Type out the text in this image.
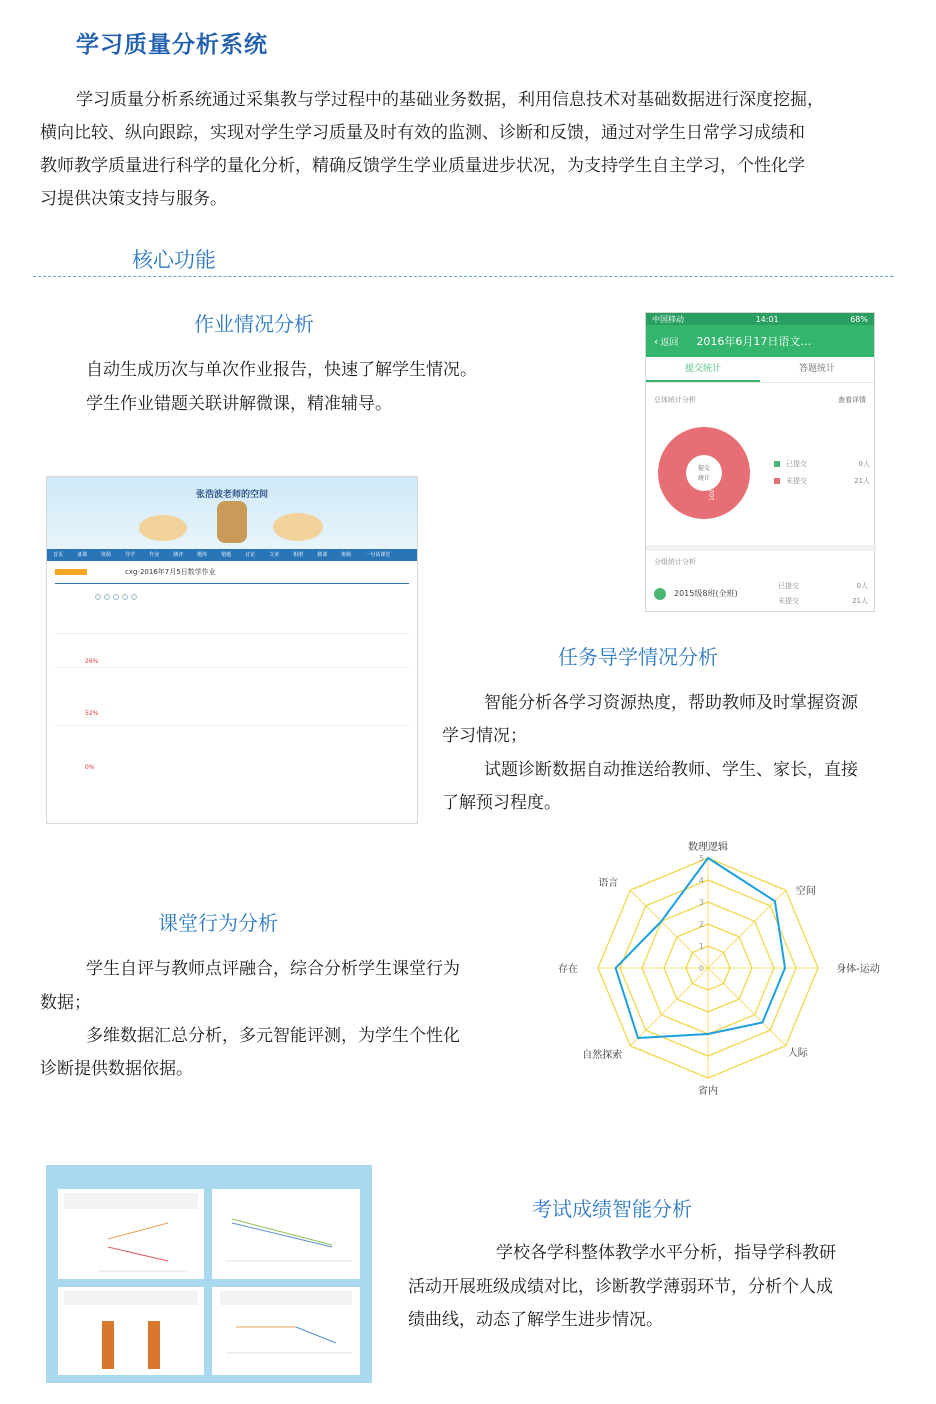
学习质量分析系统
学习质量分析系统通过采集教与学过程中的基础业务数据，利用信息技术对基础数据进行深度挖掘，
横向比较、纵向跟踪，实现对学生学习质量及时有效的监测、诊断和反馈，通过对学生日常学习成绩和
教师教学质量进行科学的量化分析，精确反馈学生学业质量进步状况，为支持学生自主学习，个性化学
习提供决策支持与服务。
核心功能
作业情况分析
自动生成历次与单次作业报告，快速了解学生情况。
学生作业错题关联讲解微课，精准辅导。
中国移动	14:01	68%
‹ 返回 2016年6月17日语文…
提交统计	答题统计
总体统计分析	查看详情
提交
统计
100%
已提交	0人
未提交	21人
分组统计分析
2015级8班(全班)
已提交	0人
未提交	21人
张浩波老师的空间
首页	备课	资源	导学	作业	测评	题库	错题	讨论	文章	相册	微课	班级	一句话课堂
cxg-2016年7月5日数学作业
26%
52%
0%
任务导学情况分析
智能分析各学习资源热度，帮助教师及时掌握资源
学习情况；
试题诊断数据自动推送给教师、学生、家长，直接
了解预习程度。
0
1
2
3
4
5
数理逻辑
空间
身体-运动
人际
省内
自然探索
存在
语言
课堂行为分析
学生自评与教师点评融合，综合分析学生课堂行为
数据；
多维数据汇总分析，多元智能评测，为学生个性化
诊断提供数据依据。
考试成绩智能分析
学校各学科整体教学水平分析，指导学科教研
活动开展班级成绩对比，诊断教学薄弱环节，分析个人成
绩曲线，动态了解学生进步情况。
